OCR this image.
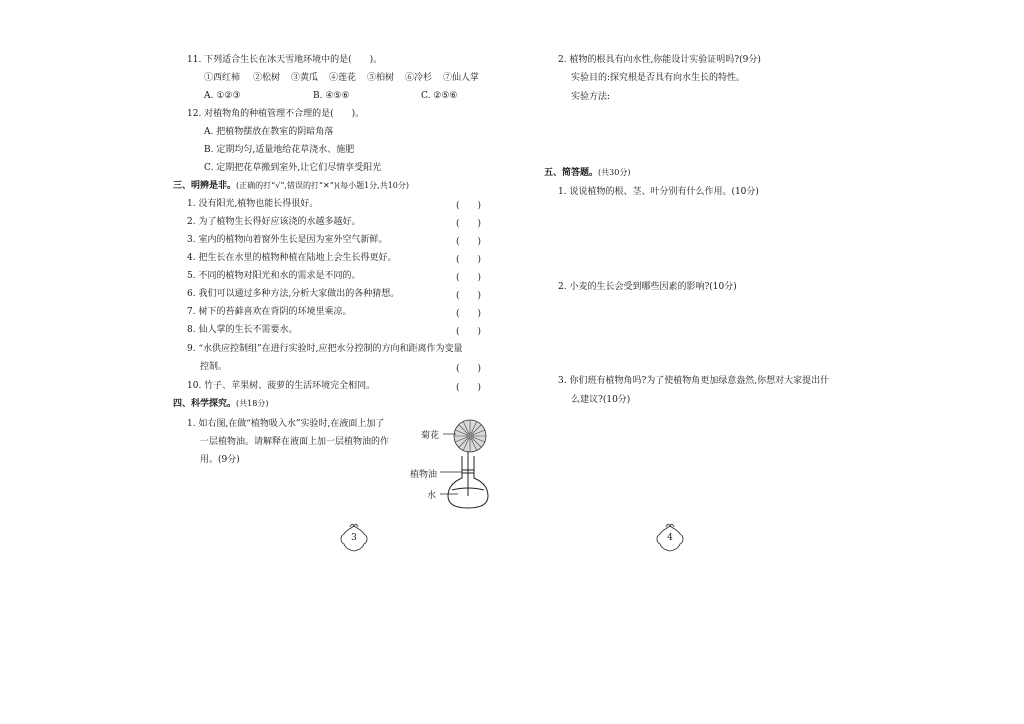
11. 下列适合生长在冰天雪地环境中的是(　　)。
①西红柿 ②松树 ③黄瓜 ④莲花 ⑤柏树 ⑥冷杉 ⑦仙人掌
A. ①②③	B. ④⑤⑥	C. ②⑤⑥
12. 对植物角的种植管理不合理的是(　　)。
A. 把植物摆放在教室的阴暗角落
B. 定期均匀,适量地给花草浇水、施肥
C. 定期把花草搬到室外,让它们尽情享受阳光
三、明辨是非。(正确的打“√”,错误的打“✕”)(每小题1分,共10分)
1. 没有阳光,植物也能长得很好。	(　　)
2. 为了植物生长得好应该浇的水越多越好。	(　　)
3. 室内的植物向着窗外生长是因为室外空气新鲜。	(　　)
4. 把生长在水里的植物种植在陆地上会生长得更好。	(　　)
5. 不同的植物对阳光和水的需求是不同的。	(　　)
6. 我们可以通过多种方法,分析大家做出的各种猜想。	(　　)
7. 树下的苔藓喜欢在背阴的环境里乘凉。	(　　)
8. 仙人掌的生长不需要水。	(　　)
9. “水供应控制组”在进行实验时,应把水分控制的方向和距离作为变量
控制。	(　　)
10. 竹子、苹果树、菠萝的生活环境完全相同。	(　　)
四、科学探究。(共18分)
1. 如右图,在做“植物吸入水”实验时,在液面上加了
一层植物油。请解释在液面上加一层植物油的作
用。(9分)
菊花
植物油
水
3
2. 植物的根具有向水性,你能设计实验证明吗?(9分)
实验目的:探究根是否具有向水生长的特性。
实验方法:
五、简答题。(共30分)
1. 说说植物的根、茎、叶分别有什么作用。(10分)
2. 小麦的生长会受到哪些因素的影响?(10分)
3. 你们班有植物角吗?为了使植物角更加绿意盎然,你想对大家提出什
么建议?(10分)
4
